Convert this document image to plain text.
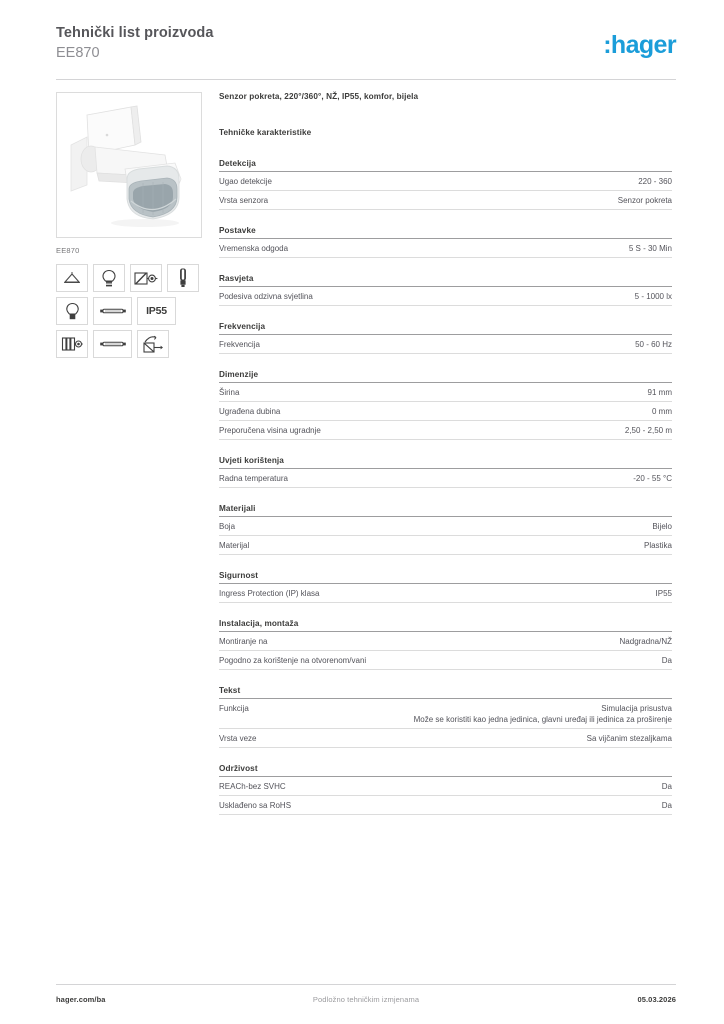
Tehnički list proizvoda
EE870	:hager
EE870
IP55
Senzor pokreta, 220°/360°, NŽ, IP55, komfor, bijela
Tehničke karakteristike
Detekcija
Ugao detekcije	220 - 360
Vrsta senzora	Senzor pokreta
Postavke
Vremenska odgoda	5 S - 30 Min
Rasvjeta
Podesiva odzivna svjetlina	5 - 1000 lx
Frekvencija
Frekvencija	50 - 60 Hz
Dimenzije
Širina	91 mm
Ugrađena dubina	0 mm
Preporučena visina ugradnje	2,50 - 2,50 m
Uvjeti korištenja
Radna temperatura	-20 - 55 °C
Materijali
Boja	Bijelo
Materijal	Plastika
Sigurnost
Ingress Protection (IP) klasa	IP55
Instalacija, montaža
Montiranje na	Nadgradna/NŽ
Pogodno za korištenje na otvorenom/vani	Da
Tekst
Funkcija	Simulacija prisustva
Može se koristiti kao jedna jedinica, glavni uređaj ili jedinica za proširenje
Vrsta veze	Sa vijčanim stezaljkama
Održivost
REACh-bez SVHC	Da
Usklađeno sa RoHS	Da
hager.com/ba	Podložno tehničkim izmjenama	05.03.2026
